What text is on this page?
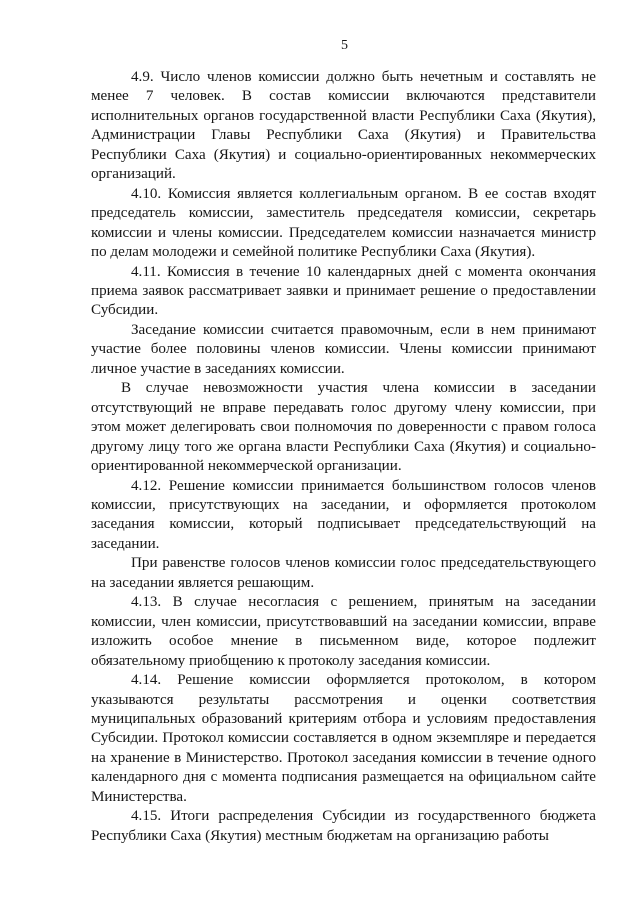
5

4.9. Число членов комиссии должно быть нечетным и составлять не менее 7 человек. В состав комиссии включаются представители исполнительных органов государственной власти Республики Саха (Якутия), Администрации Главы Республики Саха (Якутия) и Правительства Республики Саха (Якутия) и социально-ориентированных некоммерческих организаций.

4.10. Комиссия является коллегиальным органом. В ее состав входят председатель комиссии, заместитель председателя комиссии, секретарь комиссии и члены комиссии. Председателем комиссии назначается министр по делам молодежи и семейной политике Республики Саха (Якутия).

4.11. Комиссия в течение 10 календарных дней с момента окончания приема заявок рассматривает заявки и принимает решение о предоставлении Субсидии.

Заседание комиссии считается правомочным, если в нем принимают участие более половины членов комиссии. Члены комиссии принимают личное участие в заседаниях комиссии.

В случае невозможности участия члена комиссии в заседании отсутствующий не вправе передавать голос другому члену комиссии, при этом может делегировать свои полномочия по доверенности с правом голоса другому лицу того же органа власти Республики Саха (Якутия) и социально-ориентированной некоммерческой организации.

4.12. Решение комиссии принимается большинством голосов членов комиссии, присутствующих на заседании, и оформляется протоколом заседания комиссии, который подписывает председательствующий на заседании.

При равенстве голосов членов комиссии голос председательствующего на заседании является решающим.

4.13. В случае несогласия с решением, принятым на заседании комиссии, член комиссии, присутствовавший на заседании комиссии, вправе изложить особое мнение в письменном виде, которое подлежит обязательному приобщению к протоколу заседания комиссии.

4.14. Решение комиссии оформляется протоколом, в котором указываются результаты рассмотрения и оценки соответствия муниципальных образований критериям отбора и условиям предоставления Субсидии. Протокол комиссии составляется в одном экземпляре и передается на хранение в Министерство. Протокол заседания комиссии в течение одного календарного дня с момента подписания размещается на официальном сайте Министерства.

4.15. Итоги распределения Субсидии из государственного бюджета Республики Саха (Якутия) местным бюджетам на организацию работы
